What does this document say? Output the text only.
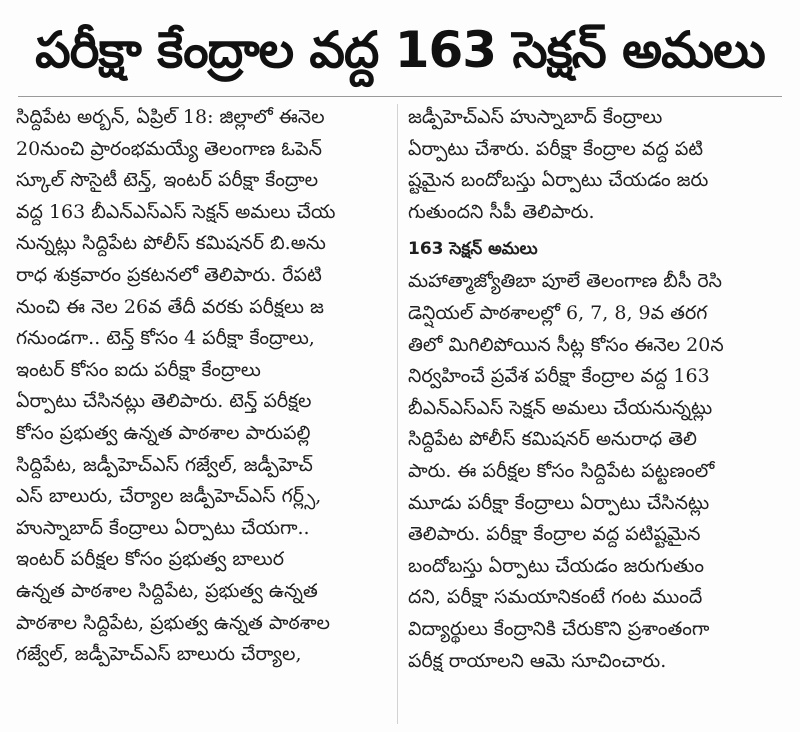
పరీక్షా కేంద్రాల వద్ద 163 సెక్షన్ అమలు
సిద్దిపేట అర్బన్, ఏప్రిల్ 18: జిల్లాలో ఈనెల
20నుంచి ప్రారంభమయ్యే తెలంగాణ ఓపెన్
స్కూల్ సొసైటీ టెన్త్, ఇంటర్ పరీక్షా కేంద్రాల
వద్ద 163 బీఎన్ఎస్ఎస్ సెక్షన్ అమలు చేయ
నున్నట్లు సిద్దిపేట పోలీస్ కమిషనర్ బి.అను
రాధ శుక్రవారం ప్రకటనలో తెలిపారు. రేపటి
నుంచి ఈ నెల 26వ తేదీ వరకు పరీక్షలు జ
గనుండగా.. టెన్త్ కోసం 4 పరీక్షా కేంద్రాలు,
ఇంటర్ కోసం ఐదు పరీక్షా కేంద్రాలు
ఏర్పాటు చేసినట్లు తెలిపారు. టెన్త్ పరీక్షల
కోసం ప్రభుత్వ ఉన్నత పాఠశాల పారుపల్లి
సిద్దిపేట, జడ్పీహెచ్ఎస్ గజ్వేల్, జడ్పీహెచ్
ఎస్ బాలురు, చేర్యాల జడ్పీహెచ్ఎస్ గర్ల్స్,
హుస్నాబాద్ కేంద్రాలు ఏర్పాటు చేయగా..
ఇంటర్ పరీక్షల కోసం ప్రభుత్వ బాలుర
ఉన్నత పాఠశాల సిద్దిపేట, ప్రభుత్వ ఉన్నత
పాఠశాల సిద్దిపేట, ప్రభుత్వ ఉన్నత పాఠశాల
గజ్వేల్, జడ్పీహెచ్ఎస్ బాలురు చేర్యాల,
జడ్పీహెచ్ఎస్ హుస్నాబాద్ కేంద్రాలు
ఏర్పాటు చేశారు. పరీక్షా కేంద్రాల వద్ద పటి
ష్టమైన బందోబస్తు ఏర్పాటు చేయడం జరు
గుతుందని సీపీ తెలిపారు.
163 సెక్షన్ అమలు
మహాత్మాజ్యోతిబా పూలే తెలంగాణ బీసీ రెసి
డెన్షియల్ పాఠశాలల్లో 6, 7, 8, 9వ తరగ
తిలో మిగిలిపోయిన సీట్ల కోసం ఈనెల 20న
నిర్వహించే ప్రవేశ పరీక్షా కేంద్రాల వద్ద 163
బీఎన్ఎస్ఎస్ సెక్షన్ అమలు చేయనున్నట్లు
సిద్దిపేట పోలీస్ కమిషనర్ అనురాధ తెలి
పారు. ఈ పరీక్షల కోసం సిద్దిపేట పట్టణంలో
మూడు పరీక్షా కేంద్రాలు ఏర్పాటు చేసినట్లు
తెలిపారు. పరీక్షా కేంద్రాల వద్ద పటిష్టమైన
బందోబస్తు ఏర్పాటు చేయడం జరుగుతుం
దని, పరీక్షా సమయానికంటే గంట ముందే
విద్యార్థులు కేంద్రానికి చేరుకొని ప్రశాంతంగా
పరీక్ష రాయాలని ఆమె సూచించారు.
